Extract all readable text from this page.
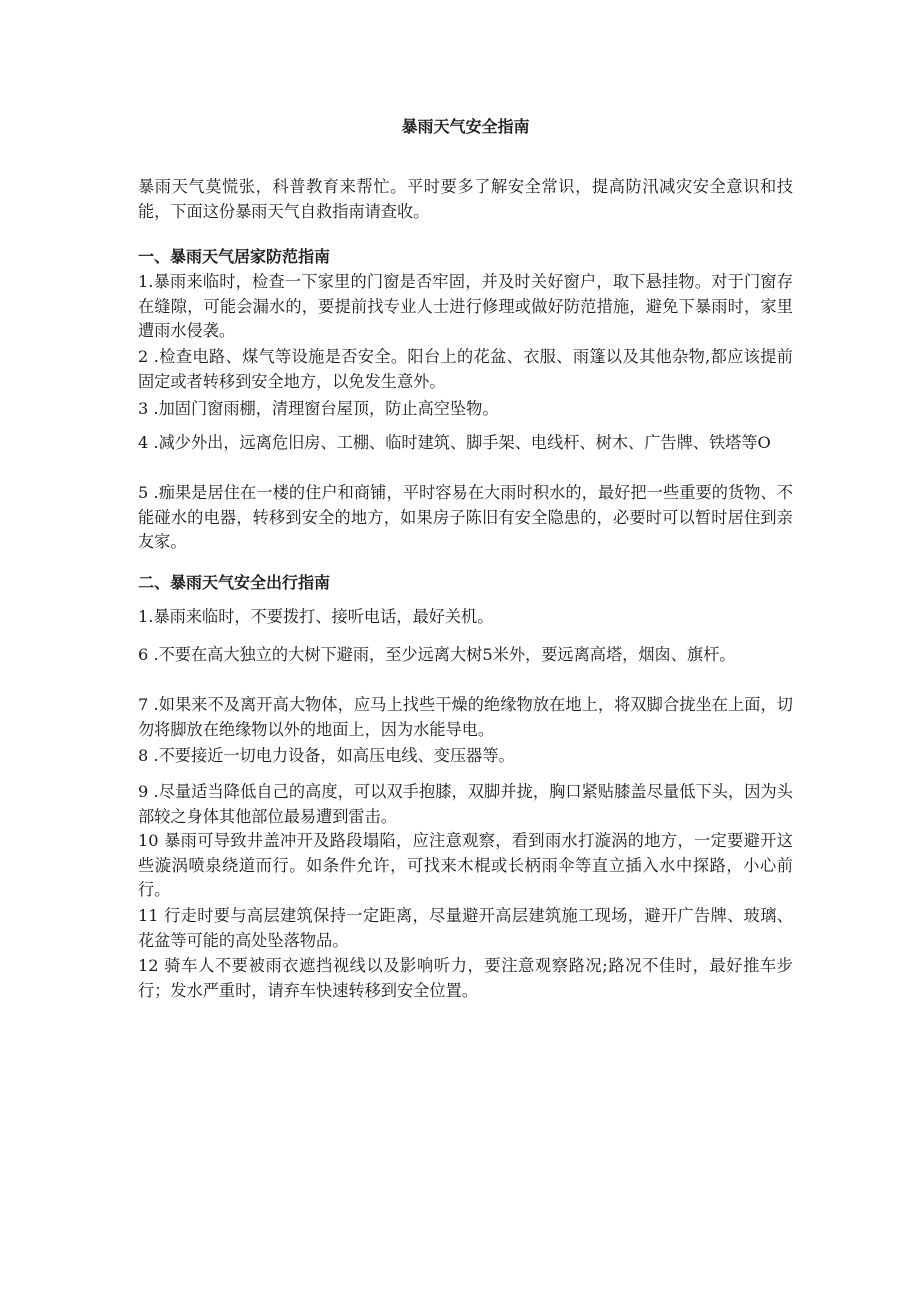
暴雨天气安全指南
暴雨天气莫慌张，科普教育来帮忙。平时要多了解安全常识，提高防汛减灾安全意识和技能，下面这份暴雨天气自救指南请查收。
一、暴雨天气居家防范指南
1.暴雨来临时，检查一下家里的门窗是否牢固，并及时关好窗户，取下悬挂物。对于门窗存在缝隙，可能会漏水的，要提前找专业人士进行修理或做好防范措施，避免下暴雨时，家里遭雨水侵袭。
2 .检查电路、煤气等设施是否安全。阳台上的花盆、衣服、雨篷以及其他杂物,都应该提前固定或者转移到安全地方，以免发生意外。
3 .加固门窗雨棚，清理窗台屋顶，防止高空坠物。
4 .减少外出，远离危旧房、工棚、临时建筑、脚手架、电线杆、树木、广告牌、铁塔等O
5 .痂果是居住在一楼的住户和商铺，平时容易在大雨时积水的，最好把一些重要的货物、不能碰水的电器，转移到安全的地方，如果房子陈旧有安全隐患的，必要时可以暂时居住到亲友家。
二、暴雨天气安全出行指南
1.暴雨来临时，不要拨打、接听电话，最好关机。
6 .不要在高大独立的大树下避雨，至少远离大树5米外，要远离高塔，烟囱、旗杆。
7 .如果来不及离开高大物体，应马上找些干燥的绝缘物放在地上，将双脚合拢坐在上面，切勿将脚放在绝缘物以外的地面上，因为水能导电。
8 .不要接近一切电力设备，如高压电线、变压器等。
9 .尽量适当降低自己的高度，可以双手抱膝，双脚并拢，胸口紧贴膝盖尽量低下头，因为头部较之身体其他部位最易遭到雷击。
10 暴雨可导致井盖冲开及路段塌陷，应注意观察，看到雨水打漩涡的地方，一定要避开这些漩涡喷泉绕道而行。如条件允许，可找来木棍或长柄雨伞等直立插入水中探路，小心前行。
11 行走时要与高层建筑保持一定距离，尽量避开高层建筑施工现场，避开广告牌、玻璃、花盆等可能的高处坠落物品。
12 骑车人不要被雨衣遮挡视线以及影响听力，要注意观察路况;路况不佳时，最好推车步行；发水严重时，请弃车快速转移到安全位置。
